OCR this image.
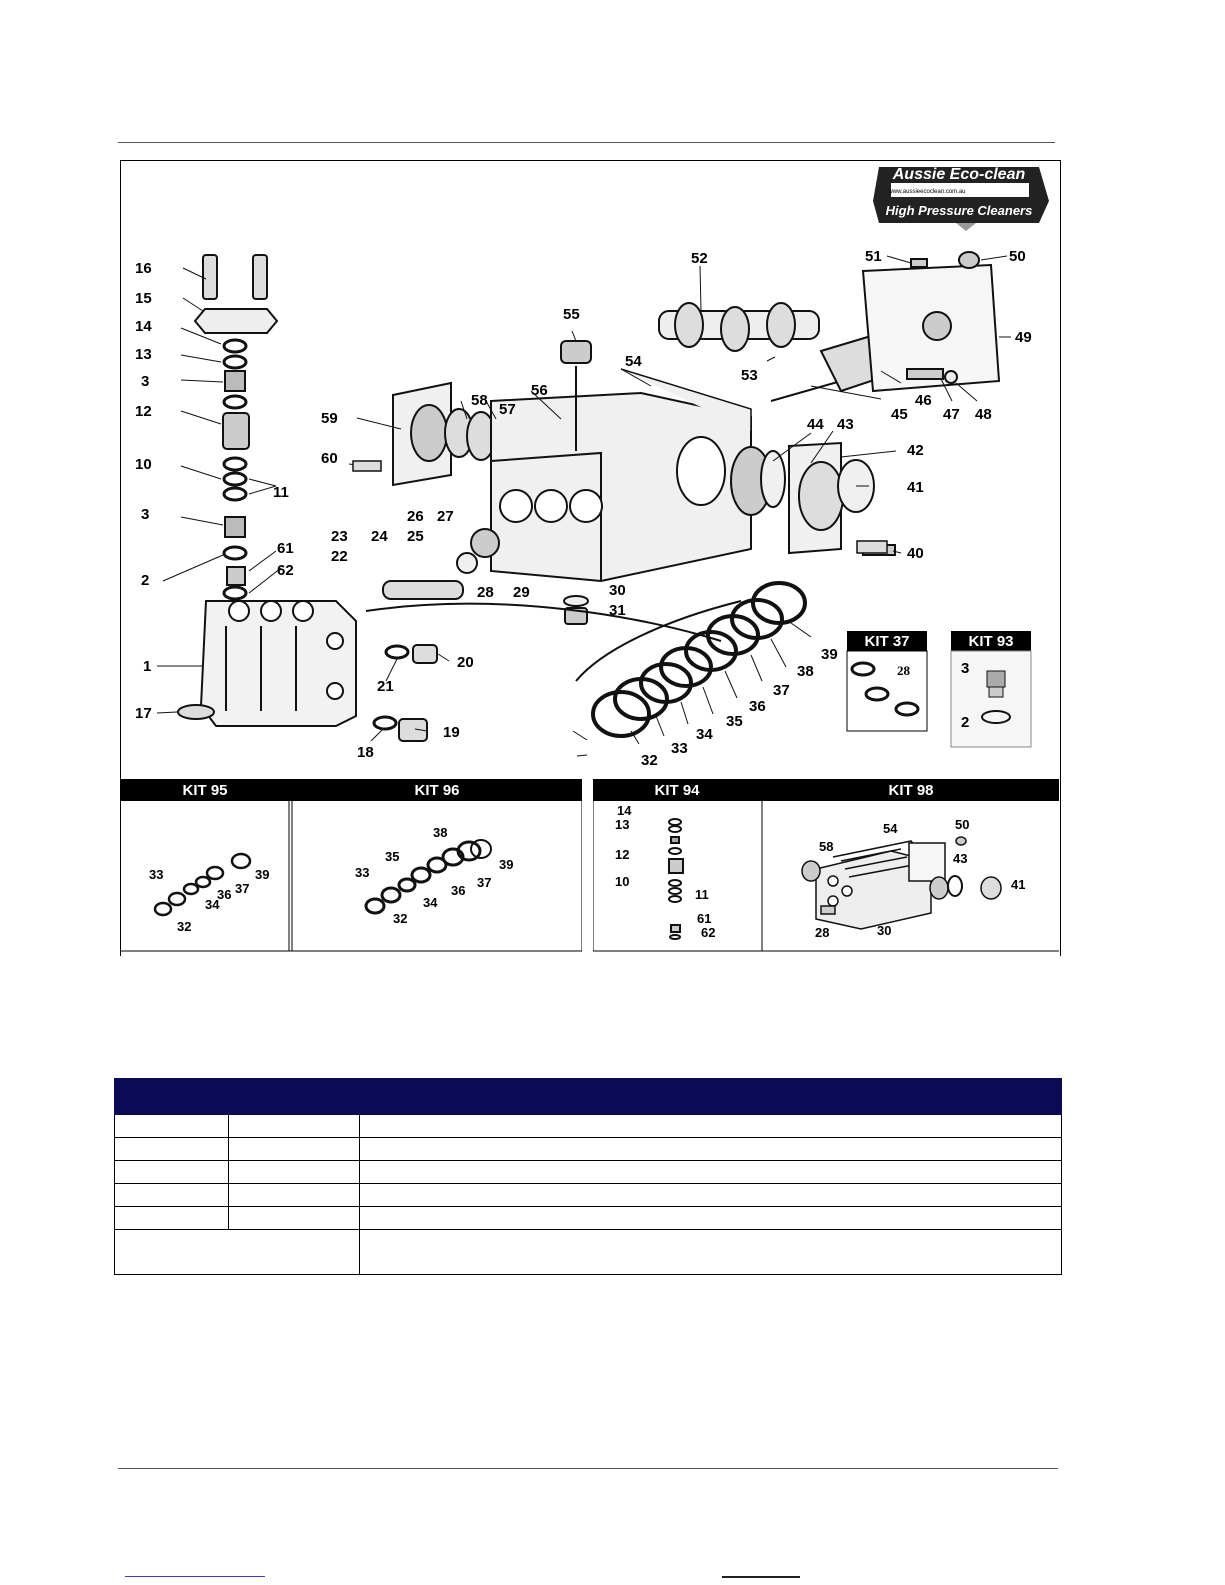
Aussie Eco-clean
www.aussieecoclean.com.au
High Pressure Cleaners
16
15
14
13
3
12
10
11
3
61
62
2
1
17
18
19
20
21
22
23 24 25
26 27
28 29	30
31
32
33
34
35
36
37
38
39
40
41
42
43
44
45
46
47 48
49
50
51
52
53
54
55
56
57
58
59
60
KIT 37
28
KIT 93
3
2
KIT 95	KIT 96	KIT 94	KIT 98
33
32
34
36 37
39
38
35
33
32
34
36
37
39
14
13
12
10
11
61
62
54	50
58
43
41
28	30
